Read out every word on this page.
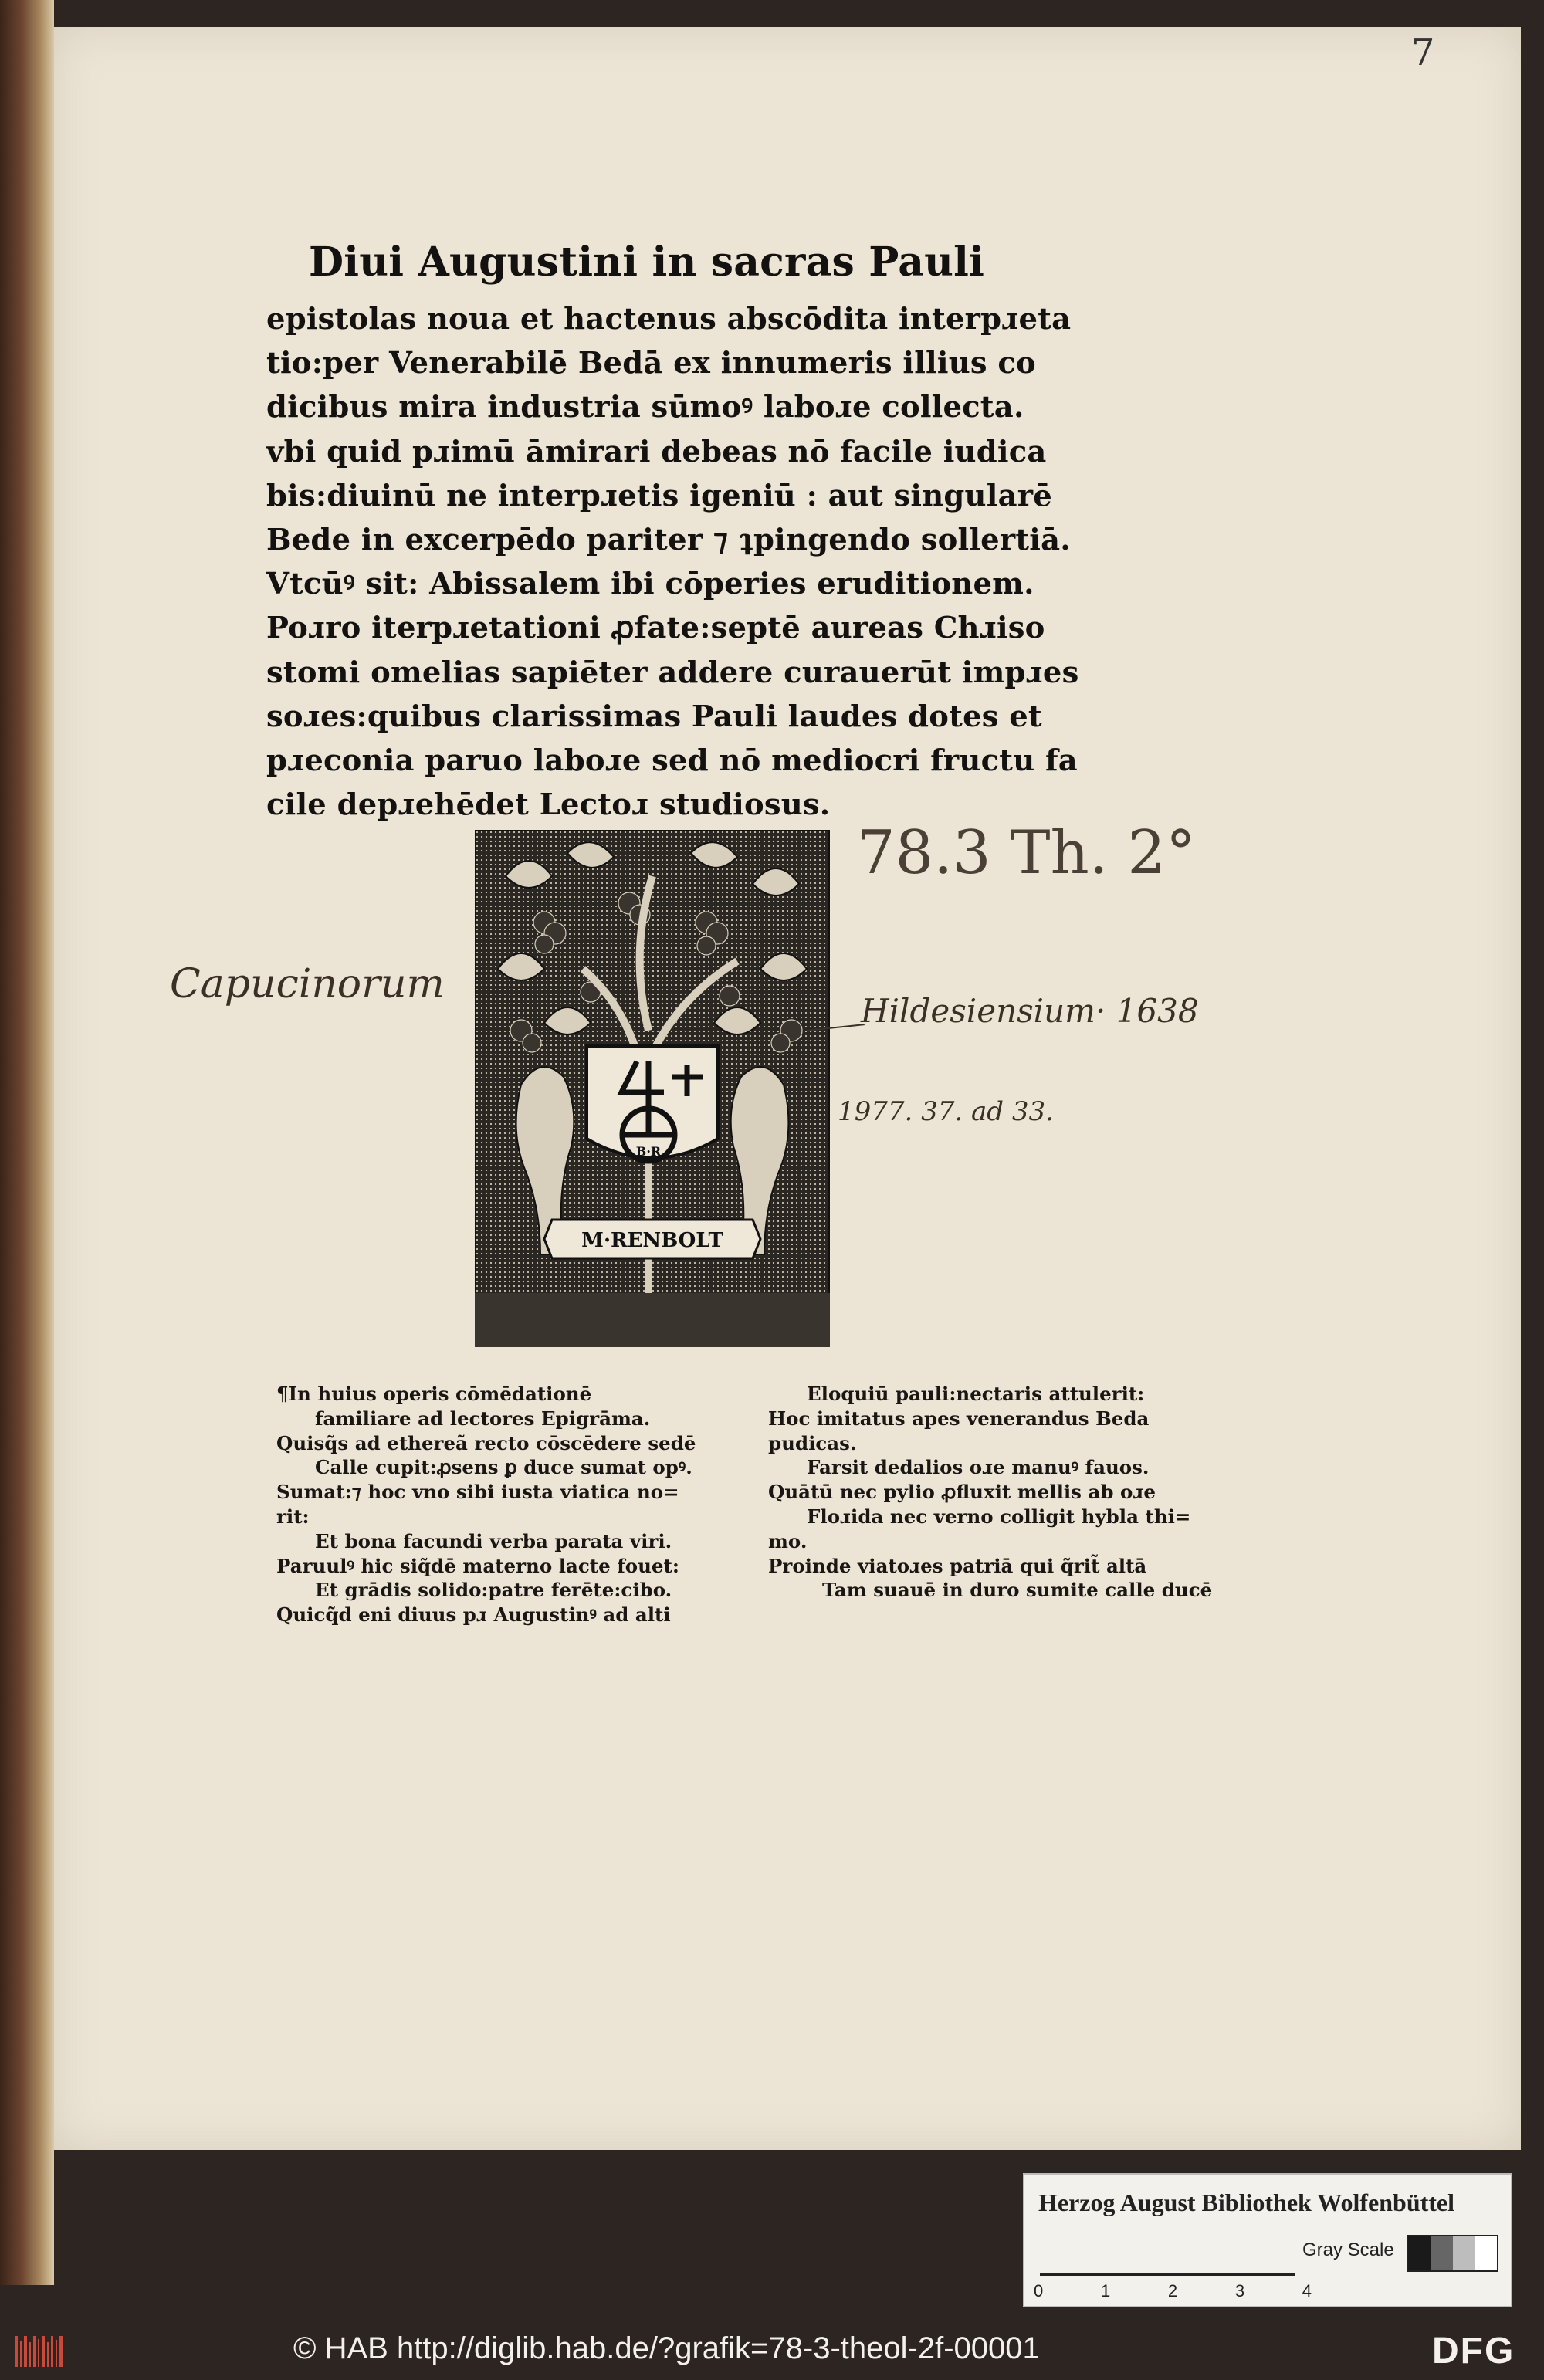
7
Diui Augustini in sacras Pauli
epistolas noua et hactenus abscōdita interpɹeta
tio:per Venerabilē Bedā ex innumeris illius co
dicibus mira industria sūmoꝰ laboɹe collecta.
vbi quid pɹimū āmirari debeas nō facile iudica
bis:diuinū ne interpɹetis igeniū : aut singularē
Bede in excerpēdo pariter ⁊ ʇpingendo sollertiā.
Vtcūꝰ sit: Abissalem ibi cōperies eruditionem.
Poɹro iterpɹetationi ꝓfate:septē aureas Chɹiso
stomi omelias sapiēter addere curauerūt impɹes
soɹes:quibus clarissimas Pauli laudes dotes et
pɹeconia paruo laboɹe sed nō mediocri fructu fa
cile depɹehēdet Lectoɹ studiosus.
B·R
M·RENBOLT
78.3 Th. 2°
Capucinorum
Hildesiensium· 1638
1977. 37. ad 33.
¶In huius operis cōmēdationē
familiare ad lectores Epigrāma.
Quisq̃s ad ethereã recto cōscēdere sedē
Calle cupit:ꝓsens ꝑ duce sumat opꝰ.
Sumat:⁊ hoc vno sibi iusta viatica no=
rit:
Et bona facundi verba parata viri.
Paruulꝰ hic siq̃dē materno lacte fouet:
Et grādis solido:patre ferēte:cibo.
Quicq̃d eni diuus pɹ Augustinꝰ ad alti
Eloquiū pauli:nectaris attulerit:
Hoc imitatus apes venerandus Beda
pudicas.
Farsit dedalios oɹe manuꝰ fauos.
Quātū nec pylio ꝓfluxit mellis ab oɹe
Floɹida nec verno colligit hybla thi=
mo.
Proinde viatoɹes patriā qui q̃rit̃ altā
Tam suauē in duro sumite calle ducē
Herzog August Bibliothek Wolfenbüttel
Gray Scale
0	1	2	3	4
© HAB http://diglib.hab.de/?grafik=78-3-theol-2f-00001	DFG
